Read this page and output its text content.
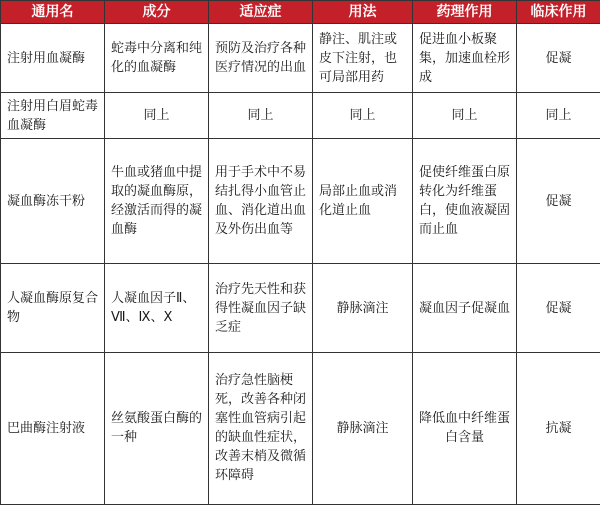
通用名	成分	适应症	用法	药理作用	临床作用
注射用血凝酶	蛇毒中分离和纯化的血凝酶	预防及治疗各种医疗情况的出血	静注、肌注或皮下注射，也可局部用药	促进血小板聚集，加速血栓形成	促凝
注射用白眉蛇毒血凝酶	同上	同上	同上	同上	同上
凝血酶冻干粉	牛血或猪血中提取的凝血酶原，经激活而得的凝血酶	用于手术中不易结扎得小血管止血、消化道出血及外伤出血等	局部止血或消化道止血	促使纤维蛋白原转化为纤维蛋白，使血液凝固而止血	促凝
人凝血酶原复合物	人凝血因子Ⅱ、Ⅶ、Ⅸ、Ⅹ	治疗先天性和获得性凝血因子缺乏症	静脉滴注	凝血因子促凝血	促凝
巴曲酶注射液	丝氨酸蛋白酶的一种	治疗急性脑梗死，改善各种闭塞性血管病引起的缺血性症状，改善末梢及微循环障碍	静脉滴注	降低血中纤维蛋白含量	抗凝
